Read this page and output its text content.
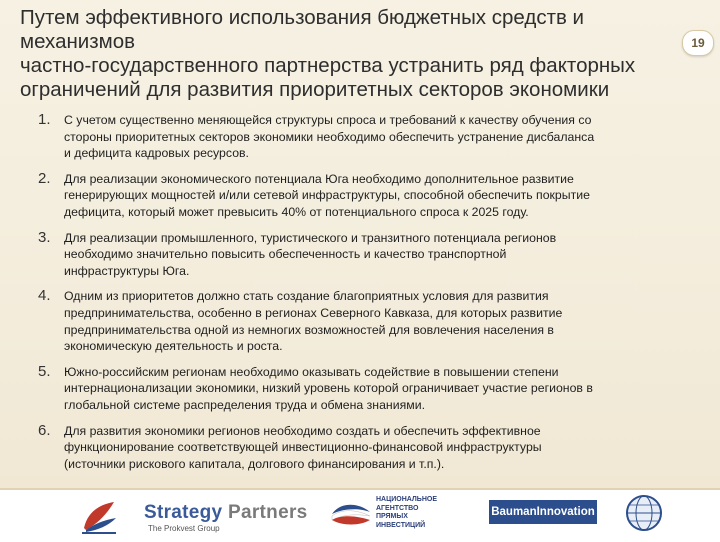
Путем эффективного использования бюджетных средств и механизмов
частно-государственного партнерства устранить ряд факторных
ограничений для развития приоритетных секторов экономики
19
1. С учетом существенно меняющейся структуры спроса и требований к качеству обучения со
стороны приоритетных секторов экономики необходимо обеспечить устранение дисбаланса
и дефицита кадровых ресурсов.
2. Для реализации экономического потенциала Юга необходимо дополнительное развитие
генерирующих мощностей и/или сетевой инфраструктуры, способной обеспечить покрытие
дефицита, который может превысить 40% от потенциального спроса к 2025 году.
3. Для реализации промышленного, туристического и транзитного потенциала регионов
необходимо значительно повысить обеспеченность и качество транспортной
инфраструктуры Юга.
4. Одним из приоритетов должно стать создание благоприятных условия для развития
предпринимательства, особенно в регионах Северного Кавказа, для которых развитие
предпринимательства одной из немногих возможностей для вовлечения населения в
экономическую деятельность и роста.
5. Южно-российским регионам необходимо оказывать содействие в повышении степени
интернационализации экономики, низкий уровень которой ограничивает участие регионов в
глобальной системе распределения труда и обмена знаниями.
6. Для развития экономики регионов необходимо создать и обеспечить эффективное
функционирование соответствующей инвестиционно-финансовой инфраструктуры
(источники рискового капитала, долгового финансирования и т.п.).
Strategy Partners
The Prokvest Group
НАЦИОНАЛЬНОЕ
АГЕНТСТВО
ПРЯМЫХ
ИНВЕСТИЦИЙ
BaumanInnovation
